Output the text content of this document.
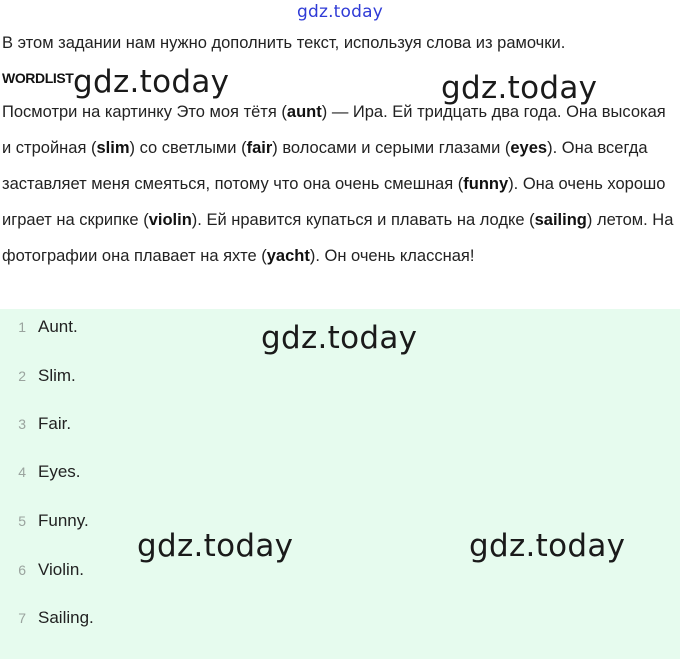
gdz.today
В этом задании нам нужно дополнить текст, используя слова из рамочки.
WORDLIST gdz.today	gdz.today
Посмотри на картинку Это моя тётя (aunt) — Ира. Ей тридцать два года. Она высокая и стройная (slim) со светлыми (fair) волосами и серыми глазами (eyes). Она всегда заставляет меня смеяться, потому что она очень смешная (funny). Она очень хорошо играет на скрипке (violin). Ей нравится купаться и плавать на лодке (sailing) летом. На фотографии она плавает на яхте (yacht). Он очень классная!
1 Aunt.
2 Slim.
3 Fair.
4 Eyes.
5 Funny.
6 Violin.
7 Sailing.
gdz.today
gdz.today	gdz.today
